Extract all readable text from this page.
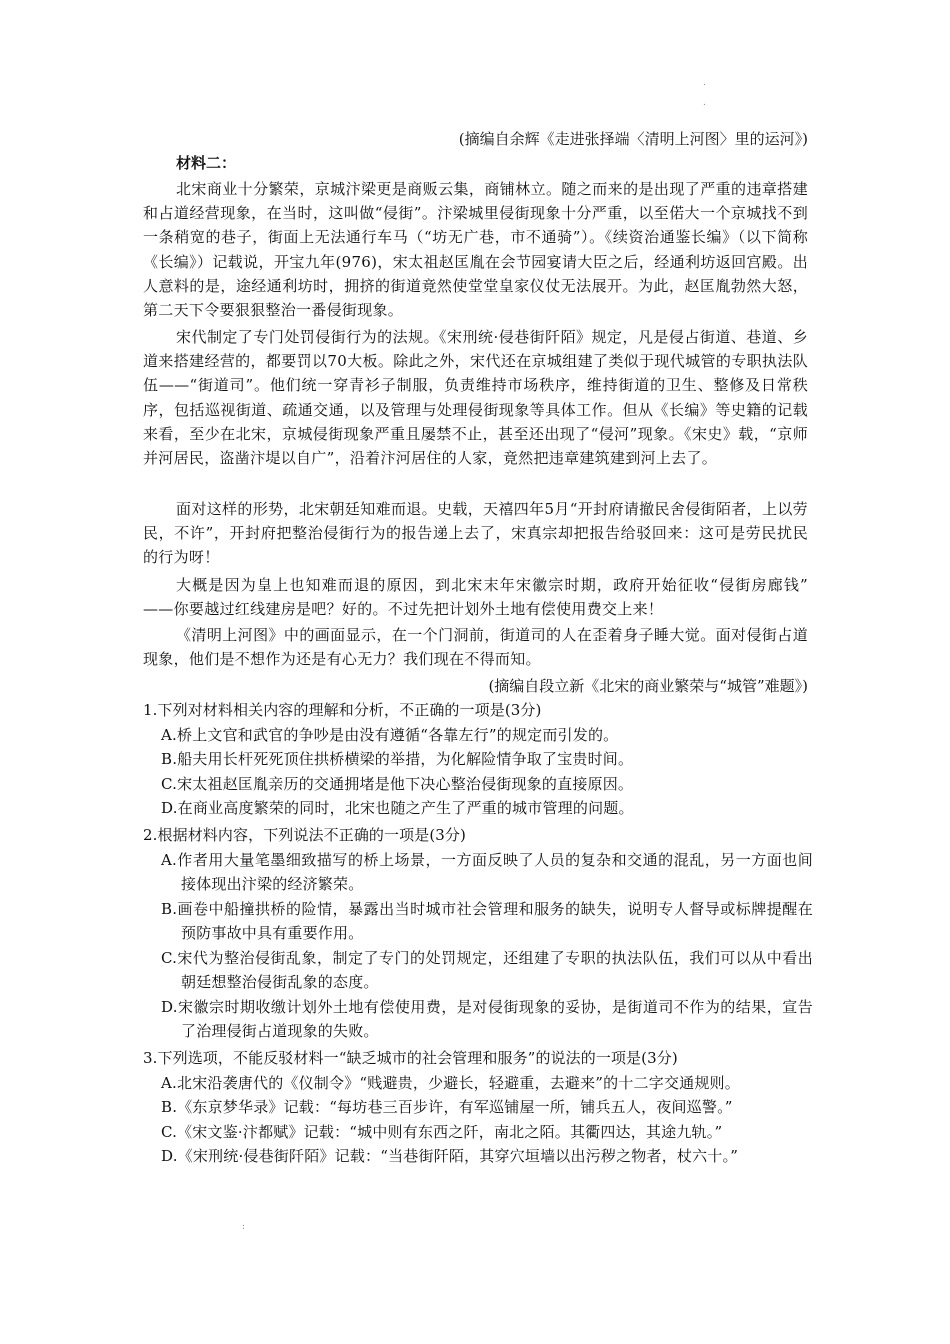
.
.
(摘编自余辉《走进张择端〈清明上河图〉里的运河》)
材料二：
北宋商业十分繁荣，京城汴梁更是商贩云集，商铺林立。随之而来的是出现了严重的违章搭建和占道经营现象，在当时，这叫做“侵街”。汴梁城里侵街现象十分严重，以至偌大一个京城找不到一条稍宽的巷子，街面上无法通行车马（“坊无广巷，市不通骑”）。《续资治通鉴长编》（以下简称《长编》）记载说，开宝九年(976)，宋太祖赵匡胤在会节园宴请大臣之后，经通利坊返回宫殿。出人意料的是，途经通利坊时，拥挤的街道竟然使堂堂皇家仪仗无法展开。为此，赵匡胤勃然大怒，第二天下令要狠狠整治一番侵街现象。
宋代制定了专门处罚侵街行为的法规。《宋刑统·侵巷街阡陌》规定，凡是侵占街道、巷道、乡道来搭建经营的，都要罚以70大板。除此之外，宋代还在京城组建了类似于现代城管的专职执法队伍——“街道司”。他们统一穿青衫子制服，负责维持市场秩序，维持街道的卫生、整修及日常秩序，包括巡视街道、疏通交通，以及管理与处理侵街现象等具体工作。但从《长编》等史籍的记载来看，至少在北宋，京城侵街现象严重且屡禁不止，甚至还出现了“侵河”现象。《宋史》载，“京师并河居民，盗凿汴堤以自广”，沿着汴河居住的人家，竟然把违章建筑建到河上去了。
面对这样的形势，北宋朝廷知难而退。史载，天禧四年5月“开封府请撤民舍侵街陌者，上以劳民，不许”，开封府把整治侵街行为的报告递上去了，宋真宗却把报告给驳回来：这可是劳民扰民的行为呀！
大概是因为皇上也知难而退的原因，到北宋末年宋徽宗时期，政府开始征收“侵街房廊钱” ——你要越过红线建房是吧？好的。不过先把计划外土地有偿使用费交上来！
《清明上河图》中的画面显示，在一个门洞前，街道司的人在歪着身子睡大觉。面对侵街占道现象，他们是不想作为还是有心无力？我们现在不得而知。
(摘编自段立新《北宋的商业繁荣与“城管”难题》)

1.下列对材料相关内容的理解和分析，不正确的一项是(3分)

A.桥上文官和武官的争吵是由没有遵循“各靠左行”的规定而引发的。

B.船夫用长杆死死顶住拱桥横梁的举措，为化解险情争取了宝贵时间。

C.宋太祖赵匡胤亲历的交通拥堵是他下决心整治侵街现象的直接原因。

D.在商业高度繁荣的同时，北宋也随之产生了严重的城市管理的问题。

2.根据材料内容，下列说法不正确的一项是(3分)

A.作者用大量笔墨细致描写的桥上场景，一方面反映了人员的复杂和交通的混乱，另一方面也间接体现出汴梁的经济繁荣。

B.画卷中船撞拱桥的险情，暴露出当时城市社会管理和服务的缺失，说明专人督导或标牌提醒在预防事故中具有重要作用。

C.宋代为整治侵街乱象，制定了专门的处罚规定，还组建了专职的执法队伍，我们可以从中看出朝廷想整治侵街乱象的态度。

D.宋徽宗时期收缴计划外土地有偿使用费，是对侵街现象的妥协，是街道司不作为的结果，宣告了治理侵街占道现象的失败。

3.下列选项，不能反驳材料一“缺乏城市的社会管理和服务”的说法的一项是(3分)

A.北宋沿袭唐代的《仪制令》“贱避贵，少避长，轻避重，去避来”的十二字交通规则。

B.《东京梦华录》记载：“每坊巷三百步许，有军巡铺屋一所，铺兵五人，夜间巡警。”

C.《宋文鉴·汴都赋》记载：“城中则有东西之阡，南北之陌。其衢四达，其途九轨。”

D.《宋刑统·侵巷街阡陌》记载：“当巷街阡陌，其穿穴垣墙以出污秽之物者，杖六十。”

:
